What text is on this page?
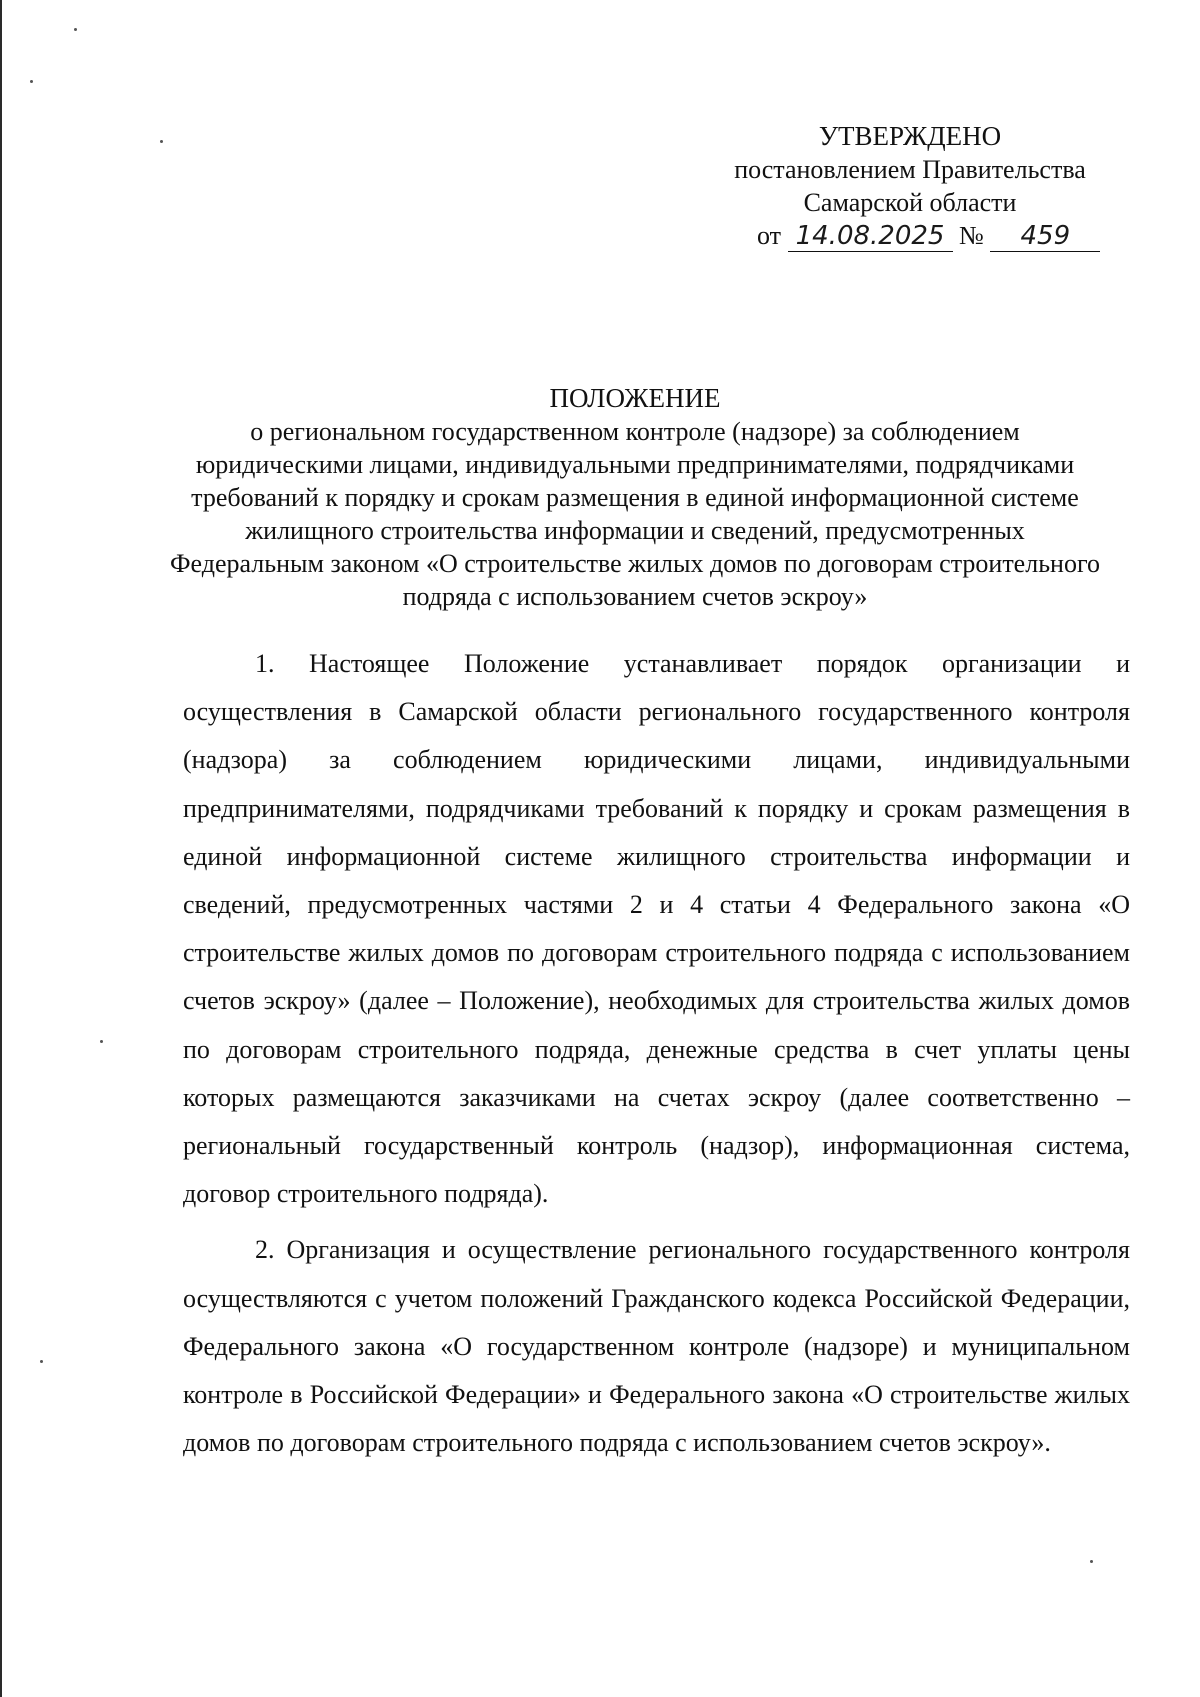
УТВЕРЖДЕНО
постановлением Правительства
Самарской области
от 14.08.2025 № 459
ПОЛОЖЕНИЕ
о региональном государственном контроле (надзоре) за соблюдением юридическими лицами, индивидуальными предпринимателями, подрядчиками требований к порядку и срокам размещения в единой информационной системе жилищного строительства информации и сведений, предусмотренных Федеральным законом «О строительстве жилых домов по договорам строительного подряда с использованием счетов эскроу»

1. Настоящее Положение устанавливает порядок организации и осуществления в Самарской области регионального государственного контроля (надзора) за соблюдением юридическими лицами, индивидуальными предпринимателями, подрядчиками требований к порядку и срокам размещения в единой информационной системе жилищного строительства информации и сведений, предусмотренных частями 2 и 4 статьи 4 Федерального закона «О строительстве жилых домов по договорам строительного подряда с использованием счетов эскроу» (далее – Положение), необходимых для строительства жилых домов по договорам строительного подряда, денежные средства в счет уплаты цены которых размещаются заказчиками на счетах эскроу (далее соответственно – региональный государственный контроль (надзор), информационная система, договор строительного подряда).

2. Организация и осуществление регионального государственного контроля осуществляются с учетом положений Гражданского кодекса Российской Федерации, Федерального закона «О государственном контроле (надзоре) и муниципальном контроле в Российской Федерации» и Федерального закона «О строительстве жилых домов по договорам строительного подряда с использованием счетов эскроу».
